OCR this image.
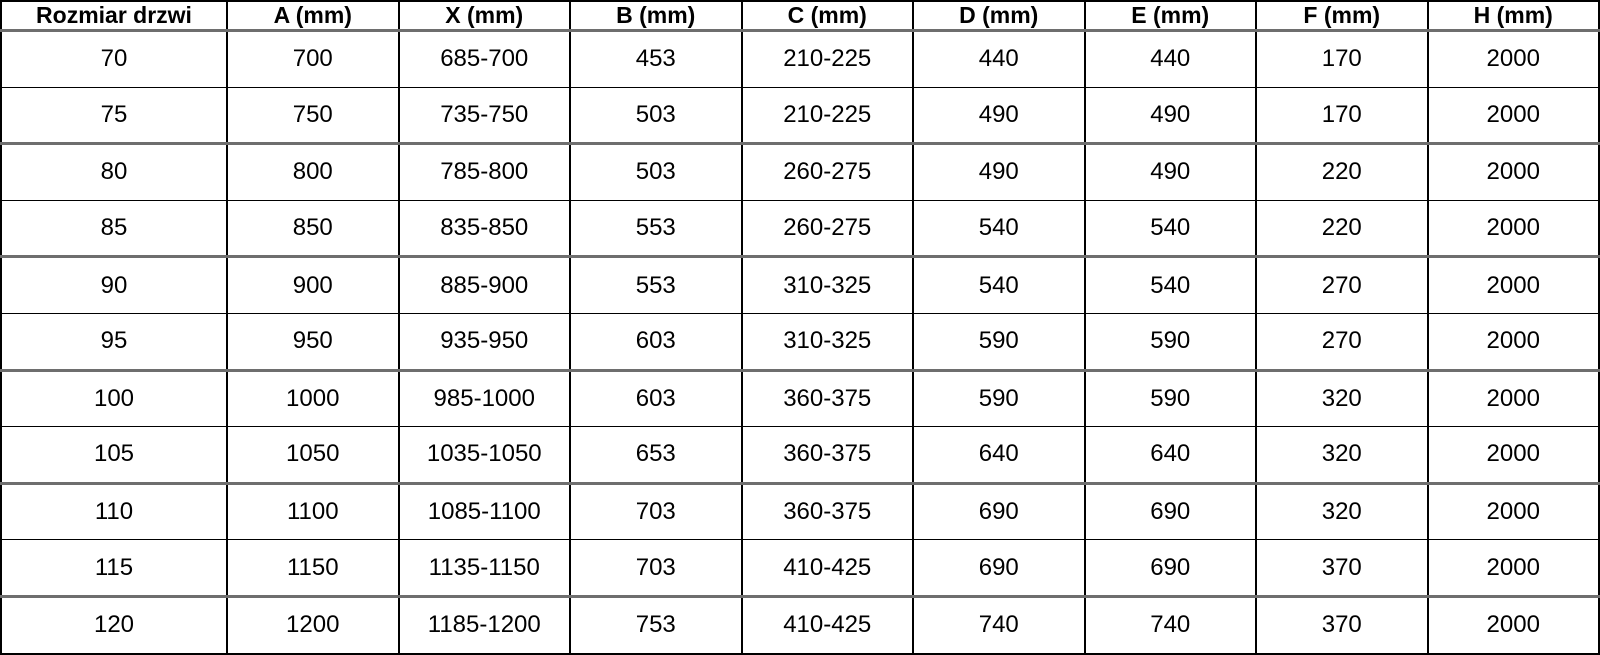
Rozmiar drzwi	A (mm)	X (mm)	B (mm)	C (mm)	D (mm)	E (mm)	F (mm)	H (mm)
70	700	685-700	453	210-225	440	440	170	2000
75	750	735-750	503	210-225	490	490	170	2000
80	800	785-800	503	260-275	490	490	220	2000
85	850	835-850	553	260-275	540	540	220	2000
90	900	885-900	553	310-325	540	540	270	2000
95	950	935-950	603	310-325	590	590	270	2000
100	1000	985-1000	603	360-375	590	590	320	2000
105	1050	1035-1050	653	360-375	640	640	320	2000
110	1100	1085-1100	703	360-375	690	690	320	2000
115	1150	1135-1150	703	410-425	690	690	370	2000
120	1200	1185-1200	753	410-425	740	740	370	2000
